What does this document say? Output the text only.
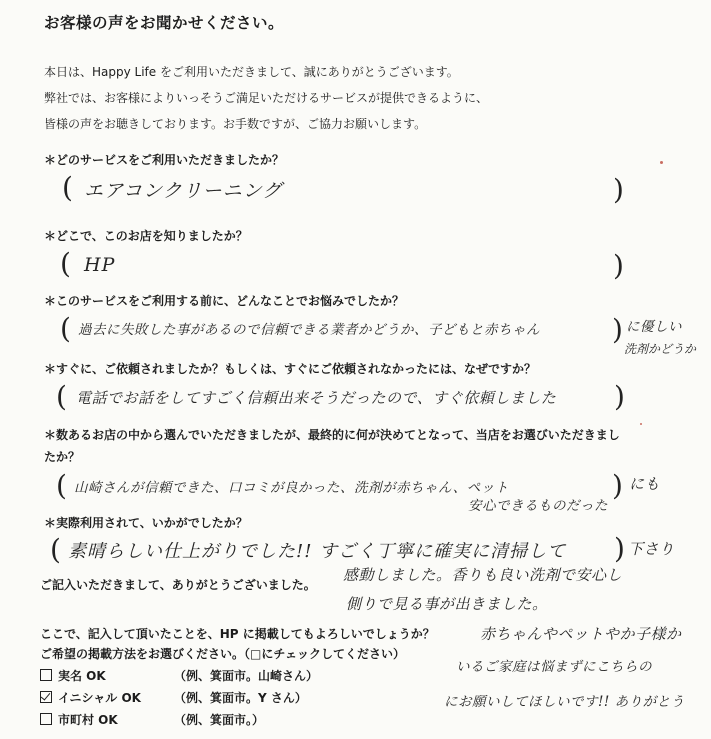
お客様の声をお聞かせください。
本日は、Happy Life をご利用いただきまして、誠にありがとうございます。
弊社では、お客様によりいっそうご満足いただけるサービスが提供できるように、
皆様の声をお聴きしております。お手数ですが、ご協力お願いします。
＊どのサービスをご利用いただきましたか？
( エアコンクリーニング	)
＊どこで、このお店を知りましたか？
( HP	)
＊このサービスをご利用する前に、どんなことでお悩みでしたか？
( 過去に失敗した事があるので信頼できる業者かどうか、子どもと赤ちゃん	) に優しい
洗剤かどうか
＊すぐに、ご依頼されましたか？もしくは、すぐにご依頼されなかったには、なぜですか？
( 電話でお話をしてすごく信頼出来そうだったので、すぐ依頼しました )
＊数あるお店の中から選んでいただきましたが、最終的に何が決めてとなって、当店をお選びいただきまし
たか？
( 山崎さんが信頼できた、口コミが良かった、洗剤が赤ちゃん、ペット	) にも
安心できるものだった
＊実際利用されて、いかがでしたか？
( 素晴らしい仕上がりでした!! すごく丁寧に確実に清掃して ) 下さり
ご記入いただきまして、ありがとうございました。
感動しました。香りも良い洗剤で安心し
側りで見る事が出きました。
ここで、記入して頂いたことを、HP に掲載してもよろしいでしょうか？
ご希望の掲載方法をお選びください。（□にチェックしてください）
実名 OK	（例、箕面市。山崎さん）
イニシャル OK	（例、箕面市。Y さん）
市町村 OK	（例、箕面市。）
赤ちゃんやペットやか子様か
いるご家庭は悩まずにこちらの
にお願いしてほしいです!! ありがとう
